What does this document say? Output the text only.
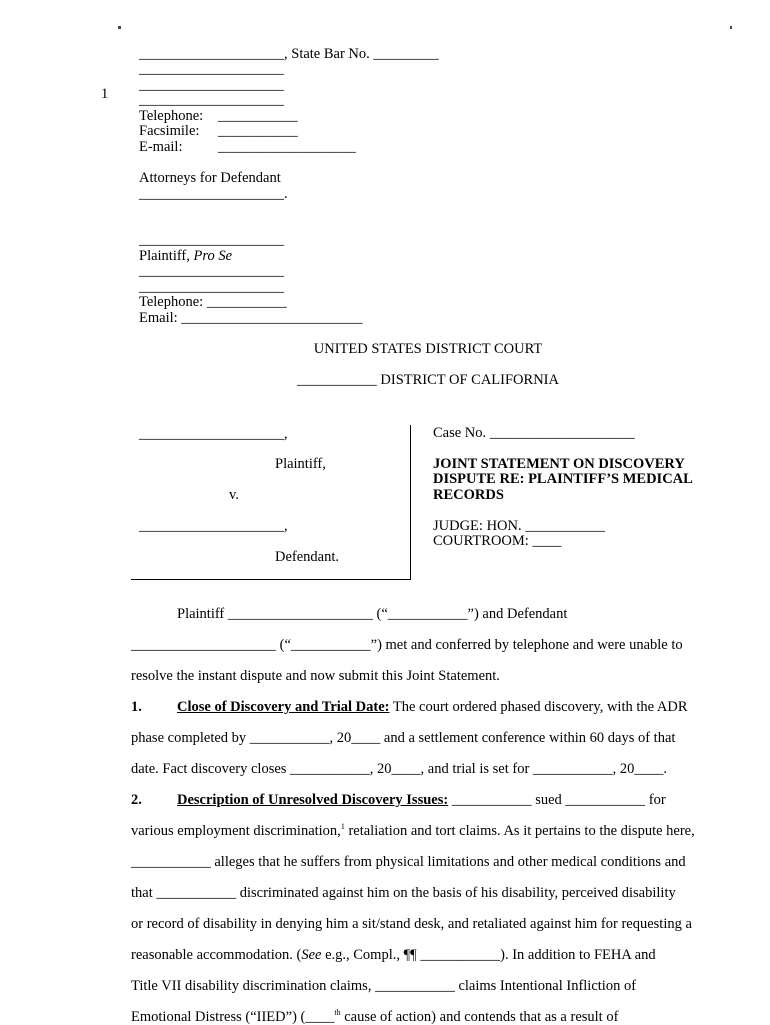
1
____________________, State Bar No. _________
____________________
____________________
____________________
Telephone: ___________
Facsimile: ___________
E-mail: ___________________
Attorneys for Defendant
____________________.
____________________
Plaintiff, Pro Se
____________________
____________________
Telephone: ___________
Email: _________________________
UNITED STATES DISTRICT COURT
___________ DISTRICT OF CALIFORNIA
____________________,
Plaintiff,
v.
____________________,
Defendant.
Case No. ____________________
JOINT STATEMENT ON DISCOVERY
DISPUTE RE: PLAINTIFF’S MEDICAL
RECORDS
JUDGE: HON. ___________
COURTROOM: ____
Plaintiff ____________________ (“___________”) and Defendant
____________________ (“___________”) met and conferred by telephone and were unable to
resolve the instant dispute and now submit this Joint Statement.
1. Close of Discovery and Trial Date: The court ordered phased discovery, with the ADR
phase completed by ___________, 20____ and a settlement conference within 60 days of that
date. Fact discovery closes ___________, 20____, and trial is set for ___________, 20____.
2. Description of Unresolved Discovery Issues: ___________ sued ___________ for
various employment discrimination,$^1$ retaliation and tort claims. As it pertains to the dispute here,
___________ alleges that he suffers from physical limitations and other medical conditions and
that ___________ discriminated against him on the basis of his disability, perceived disability
or record of disability in denying him a sit/stand desk, and retaliated against him for requesting a
reasonable accommodation. (See e.g., Compl., ¶¶ ___________). In addition to FEHA and
Title VII disability discrimination claims, ___________ claims Intentional Infliction of
Emotional Distress (“IIED”) (____$^{th}$ cause of action) and contends that as a result of
